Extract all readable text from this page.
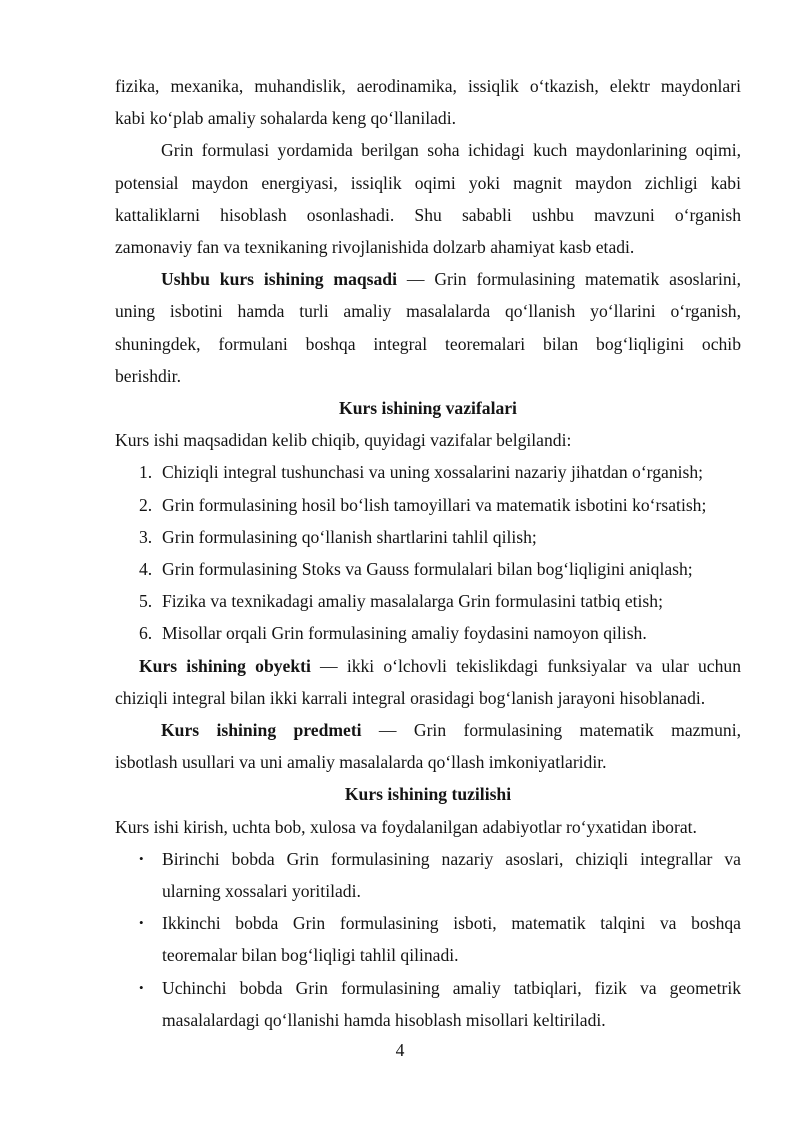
fizika, mexanika, muhandislik, aerodinamika, issiqlik o‘tkazish, elektr maydonlari
kabi ko‘plab amaliy sohalarda keng qo‘llaniladi.
Grin formulasi yordamida berilgan soha ichidagi kuch maydonlarining oqimi,
potensial maydon energiyasi, issiqlik oqimi yoki magnit maydon zichligi kabi
kattaliklarni hisoblash osonlashadi. Shu sababli ushbu mavzuni o‘rganish
zamonaviy fan va texnikaning rivojlanishida dolzarb ahamiyat kasb etadi.
Ushbu kurs ishining maqsadi — Grin formulasining matematik asoslarini,
uning isbotini hamda turli amaliy masalalarda qo‘llanish yo‘llarini o‘rganish,
shuningdek, formulani boshqa integral teoremalari bilan bog‘liqligini ochib
berishdir.
Kurs ishining vazifalari
Kurs ishi maqsadidan kelib chiqib, quyidagi vazifalar belgilandi:
1. Chiziqli integral tushunchasi va uning xossalarini nazariy jihatdan o‘rganish;
2. Grin formulasining hosil bo‘lish tamoyillari va matematik isbotini ko‘rsatish;
3. Grin formulasining qo‘llanish shartlarini tahlil qilish;
4. Grin formulasining Stoks va Gauss formulalari bilan bog‘liqligini aniqlash;
5. Fizika va texnikadagi amaliy masalalarga Grin formulasini tatbiq etish;
6. Misollar orqali Grin formulasining amaliy foydasini namoyon qilish.
Kurs ishining obyekti — ikki o‘lchovli tekislikdagi funksiyalar va ular uchun
chiziqli integral bilan ikki karrali integral orasidagi bog‘lanish jarayoni hisoblanadi.
Kurs ishining predmeti — Grin formulasining matematik mazmuni,
isbotlash usullari va uni amaliy masalalarda qo‘llash imkoniyatlaridir.
Kurs ishining tuzilishi
Kurs ishi kirish, uchta bob, xulosa va foydalanilgan adabiyotlar ro‘yxatidan iborat.
• Birinchi bobda Grin formulasining nazariy asoslari, chiziqli integrallar va
ularning xossalari yoritiladi.
• Ikkinchi bobda Grin formulasining isboti, matematik talqini va boshqa
teoremalar bilan bog‘liqligi tahlil qilinadi.
• Uchinchi bobda Grin formulasining amaliy tatbiqlari, fizik va geometrik
masalalardagi qo‘llanishi hamda hisoblash misollari keltiriladi.
4
